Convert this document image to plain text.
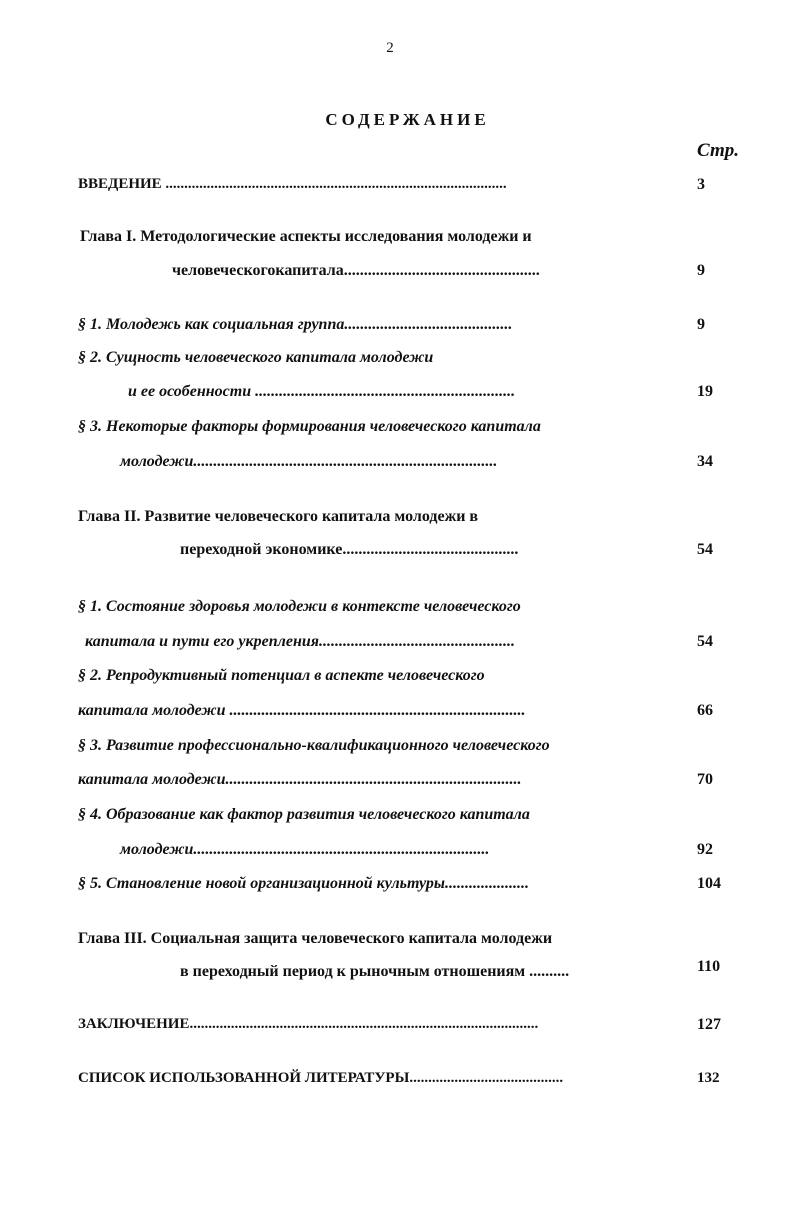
2
СОДЕРЖАНИЕ
Стр.
ВВЕДЕНИЕ ...........................................................................................	3
Глава I. Методологические аспекты исследования молодежи и
человеческогокапитала.................................................	9
§ 1. Молодежь как социальная группа..........................................	9
§ 2. Сущность человеческого капитала молодежи
и ее особенности .................................................................	19
§ 3. Некоторые факторы формирования человеческого капитала
молодежи............................................................................	34
Глава II. Развитие человеческого капитала молодежи в
переходной экономике............................................	54
§ 1. Состояние здоровья молодежи в контексте человеческого
капитала и пути его укрепления.................................................	54
§ 2. Репродуктивный потенциал в аспекте человеческого
капитала молодежи ..........................................................................	66
§ 3. Развитие профессионально-квалификационного человеческого
капитала молодежи..........................................................................	70
§ 4. Образование как фактор развития человеческого капитала
молодежи..........................................................................	92
§ 5. Становление новой организационной культуры.....................	104
Глава III. Социальная защита человеческого капитала молодежи
в переходный период к рыночным отношениям ..........	110
ЗАКЛЮЧЕНИЕ.............................................................................................	127
СПИСОК ИСПОЛЬЗОВАННОЙ ЛИТЕРАТУРЫ.........................................	132
